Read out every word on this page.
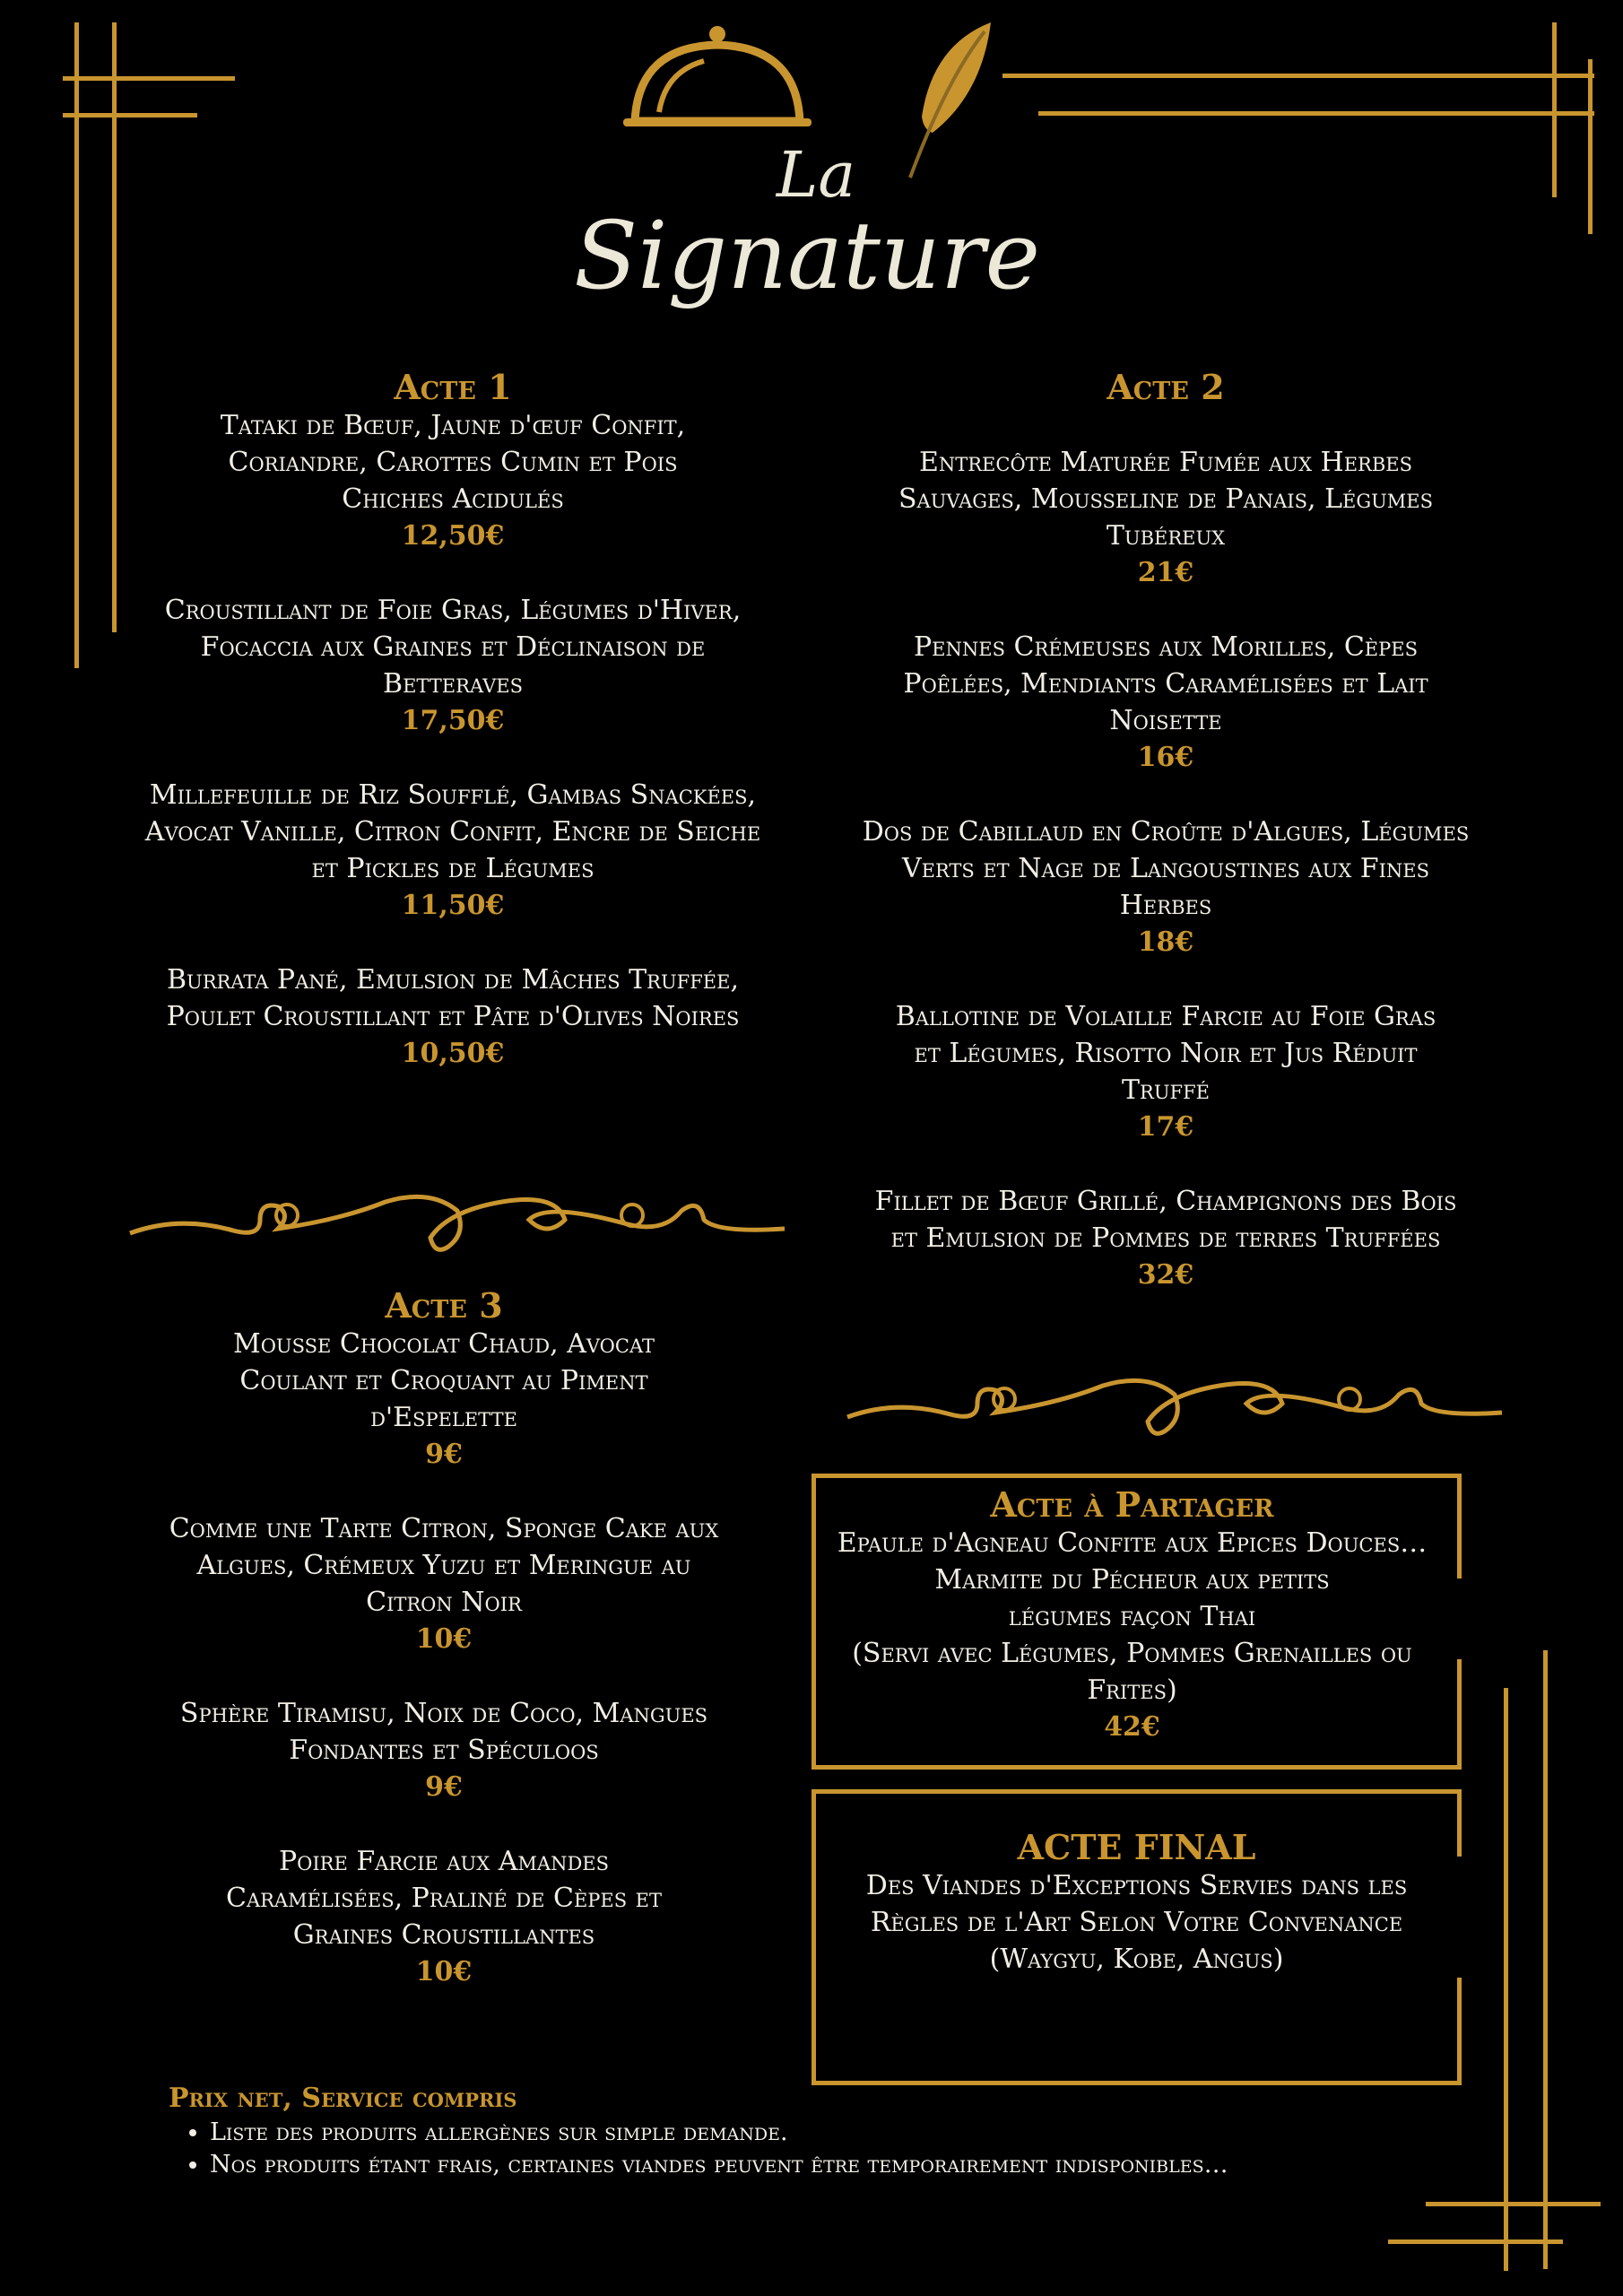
La
Signature
Acte 1

Tataki de Bœuf, Jaune d'œuf Confit, Coriandre, Carottes Cumin et Pois Chiches Acidulés

12,50€

Croustillant de Foie Gras, Légumes d'Hiver, Focaccia aux Graines et Déclinaison de Betteraves

17,50€

Millefeuille de Riz Soufflé, Gambas Snackées, Avocat Vanille, Citron Confit, Encre de Seiche et Pickles de Légumes

11,50€

Burrata Pané, Emulsion de Mâches Truffée, Poulet Croustillant et Pâte d'Olives Noires

10,50€
Acte 3

Mousse Chocolat Chaud, Avocat Coulant et Croquant au Piment d'Espelette

9€

Comme une Tarte Citron, Sponge Cake aux Algues, Crémeux Yuzu et Meringue au Citron Noir

10€

Sphère Tiramisu, Noix de Coco, Mangues Fondantes et Spéculoos

9€

Poire Farcie aux Amandes Caramélisées, Praliné de Cèpes et Graines Croustillantes

10€
Acte 2

Entrecôte Maturée Fumée aux Herbes Sauvages, Mousseline de Panais, Légumes Tubéreux

21€

Pennes Crémeuses aux Morilles, Cèpes Poêlées, Mendiants Caramélisées et Lait Noisette

16€

Dos de Cabillaud en Croûte d'Algues, Légumes Verts et Nage de Langoustines aux Fines Herbes

18€

Ballotine de Volaille Farcie au Foie Gras et Légumes, Risotto Noir et Jus Réduit Truffé

17€

Fillet de Bœuf Grillé, Champignons des Bois et Emulsion de Pommes de terres Truffées

32€
Acte à Partager

Epaule d'Agneau Confite aux Epices Douces…

Marmite du Pécheur aux petits légumes façon Thai

(Servi avec Légumes, Pommes Grenailles ou Frites)

42€
ACTE FINAL

Des Viandes d'Exceptions Servies dans les Règles de l'Art Selon Votre Convenance

(Waygyu, Kobe, Angus)

Prix net, Service compris
• Liste des produits allergènes sur simple demande.
• Nos produits étant frais, certaines viandes peuvent être temporairement indisponibles…
